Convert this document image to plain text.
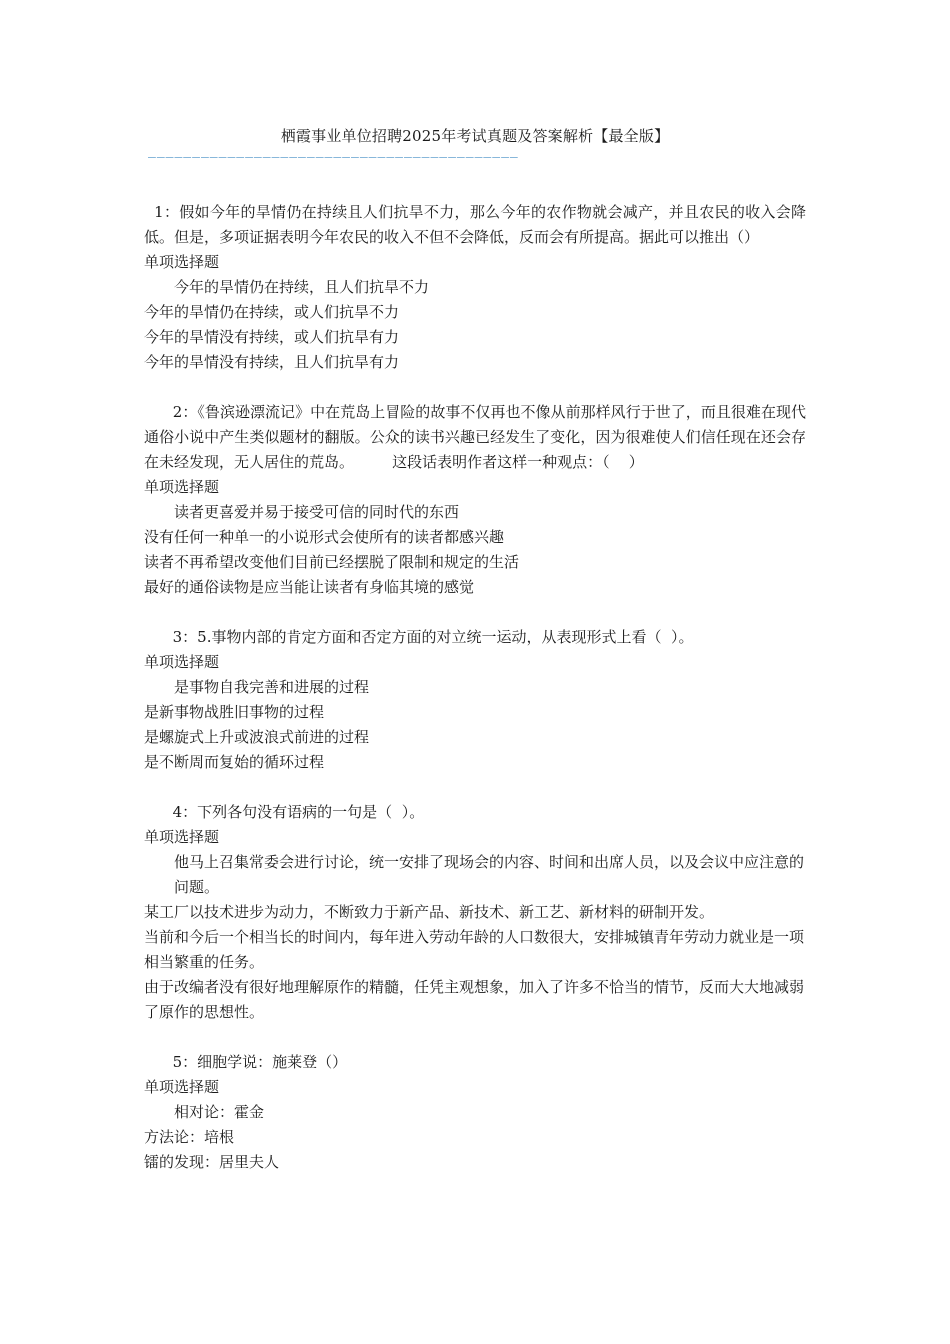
栖霞事业单位招聘2025年考试真题及答案解析【最全版】
——————————————————————————————————————————

1：假如今年的旱情仍在持续且人们抗旱不力，那么今年的农作物就会减产，并且农民的收入会降低。但是，多项证据表明今年农民的收入不但不会降低，反而会有所提高。据此可以推出（）

单项选择题

今年的旱情仍在持续，且人们抗旱不力

今年的旱情仍在持续，或人们抗旱不力

今年的旱情没有持续，或人们抗旱有力

今年的旱情没有持续，且人们抗旱有力

2：《鲁滨逊漂流记》中在荒岛上冒险的故事不仅再也不像从前那样风行于世了，而且很难在现代通俗小说中产生类似题材的翻版。公众的读书兴趣已经发生了变化，因为很难使人们信任现在还会存在未经发现，无人居住的荒岛。        这段话表明作者这样一种观点：（    ）

单项选择题

读者更喜爱并易于接受可信的同时代的东西

没有任何一种单一的小说形式会使所有的读者都感兴趣

读者不再希望改变他们目前已经摆脱了限制和规定的生活

最好的通俗读物是应当能让读者有身临其境的感觉

3：5.事物内部的肯定方面和否定方面的对立统一运动，从表现形式上看（  ）。

单项选择题

是事物自我完善和进展的过程

是新事物战胜旧事物的过程

是螺旋式上升或波浪式前进的过程

是不断周而复始的循环过程

4：下列各句没有语病的一句是（  ）。

单项选择题

他马上召集常委会进行讨论，统一安排了现场会的内容、时间和出席人员，以及会议中应注意的问题。

某工厂以技术进步为动力，不断致力于新产品、新技术、新工艺、新材料的研制开发。

当前和今后一个相当长的时间内，每年进入劳动年龄的人口数很大，安排城镇青年劳动力就业是一项相当繁重的任务。

由于改编者没有很好地理解原作的精髓，任凭主观想象，加入了许多不恰当的情节，反而大大地减弱了原作的思想性。

5：细胞学说：施莱登（）

单项选择题

相对论：霍金

方法论：培根

镭的发现：居里夫人
